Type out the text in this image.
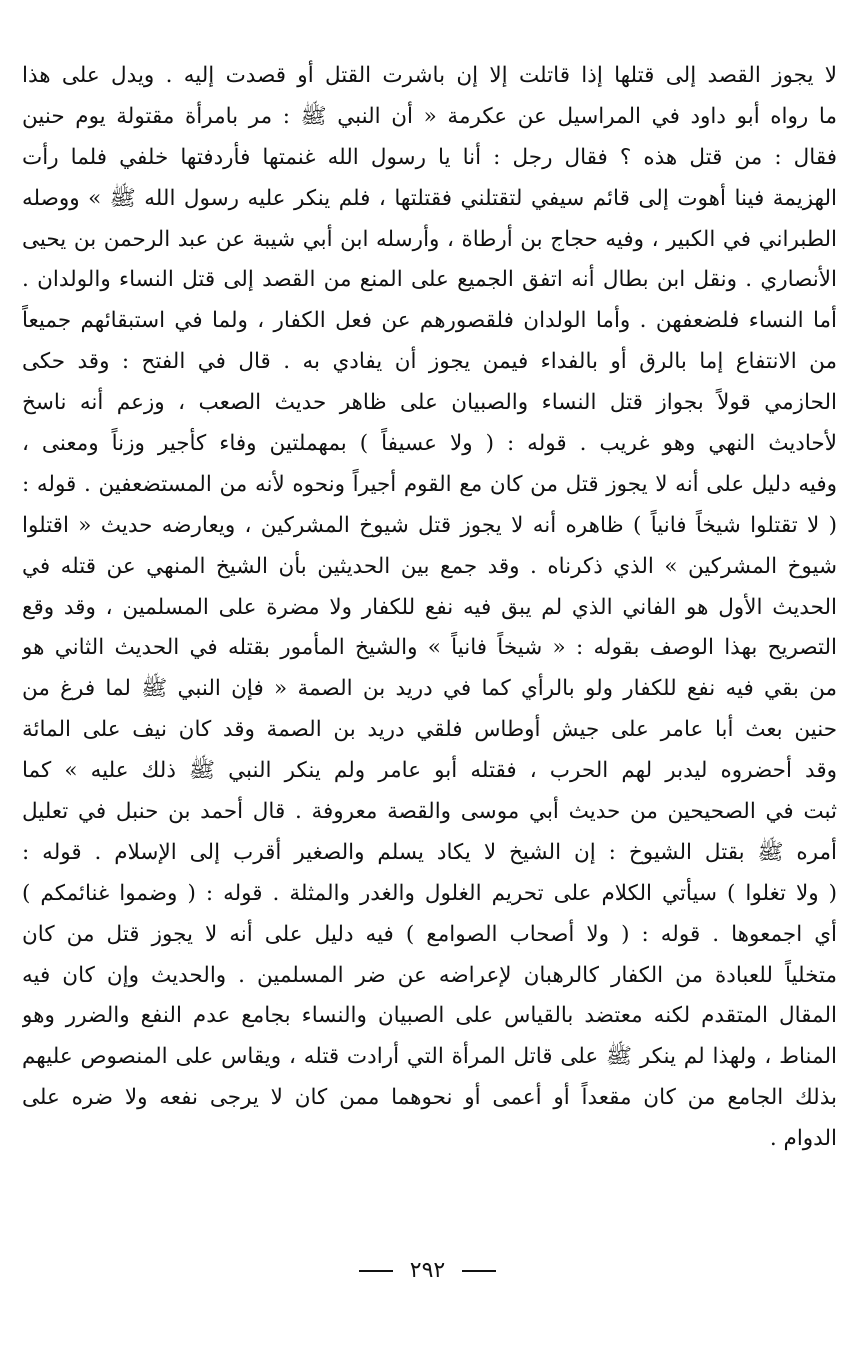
لا يجوز القصد إلى قتلها إذا قاتلت إلا إن باشرت القتل أو قصدت إليه . ويدل على هذا
ما رواه أبو داود في المراسيل عن عكرمة « أن النبي ﷺ : مر بامرأة مقتولة يوم حنين
فقال : من قتل هذه ؟ فقال رجل : أنا يا رسول الله غنمتها فأردفتها خلفي فلما رأت
الهزيمة فينا أهوت إلى قائم سيفي لتقتلني فقتلتها ، فلم ينكر عليه رسول الله ﷺ » ووصله
الطبراني في الكبير ، وفيه حجاج بن أرطاة ، وأرسله ابن أبي شيبة عن عبد الرحمن بن يحيى
الأنصاري . ونقل ابن بطال أنه اتفق الجميع على المنع من القصد إلى قتل النساء والولدان .
أما النساء فلضعفهن . وأما الولدان فلقصورهم عن فعل الكفار ، ولما في استبقائهم جميعاً
من الانتفاع إما بالرق أو بالفداء فيمن يجوز أن يفادي به . قال في الفتح : وقد حكى
الحازمي قولاً بجواز قتل النساء والصبيان على ظاهر حديث الصعب ، وزعم أنه ناسخ
لأحاديث النهي وهو غريب . قوله : ( ولا عسيفاً ) بمهملتين وفاء كأجير وزناً ومعنى ،
وفيه دليل على أنه لا يجوز قتل من كان مع القوم أجيراً ونحوه لأنه من المستضعفين . قوله :
( لا تقتلوا شيخاً فانياً ) ظاهره أنه لا يجوز قتل شيوخ المشركين ، ويعارضه حديث « اقتلوا
شيوخ المشركين » الذي ذكرناه . وقد جمع بين الحديثين بأن الشيخ المنهي عن قتله في
الحديث الأول هو الفاني الذي لم يبق فيه نفع للكفار ولا مضرة على المسلمين ، وقد وقع
التصريح بهذا الوصف بقوله : « شيخاً فانياً » والشيخ المأمور بقتله في الحديث الثاني هو
من بقي فيه نفع للكفار ولو بالرأي كما في دريد بن الصمة « فإن النبي ﷺ لما فرغ من
حنين بعث أبا عامر على جيش أوطاس فلقي دريد بن الصمة وقد كان نيف على المائة
وقد أحضروه ليدبر لهم الحرب ، فقتله أبو عامر ولم ينكر النبي ﷺ ذلك عليه » كما
ثبت في الصحيحين من حديث أبي موسى والقصة معروفة . قال أحمد بن حنبل في تعليل
أمره ﷺ بقتل الشيوخ : إن الشيخ لا يكاد يسلم والصغير أقرب إلى الإسلام . قوله :
( ولا تغلوا ) سيأتي الكلام على تحريم الغلول والغدر والمثلة . قوله : ( وضموا غنائمكم )
أي اجمعوها . قوله : ( ولا أصحاب الصوامع ) فيه دليل على أنه لا يجوز قتل من كان
متخلياً للعبادة من الكفار كالرهبان لإعراضه عن ضر المسلمين . والحديث وإن كان فيه
المقال المتقدم لكنه معتضد بالقياس على الصبيان والنساء بجامع عدم النفع والضرر وهو
المناط ، ولهذا لم ينكر ﷺ على قاتل المرأة التي أرادت قتله ، ويقاس على المنصوص عليهم
بذلك الجامع من كان مقعداً أو أعمى أو نحوهما ممن كان لا يرجى نفعه ولا ضره على
الدوام .
٢٩٢
